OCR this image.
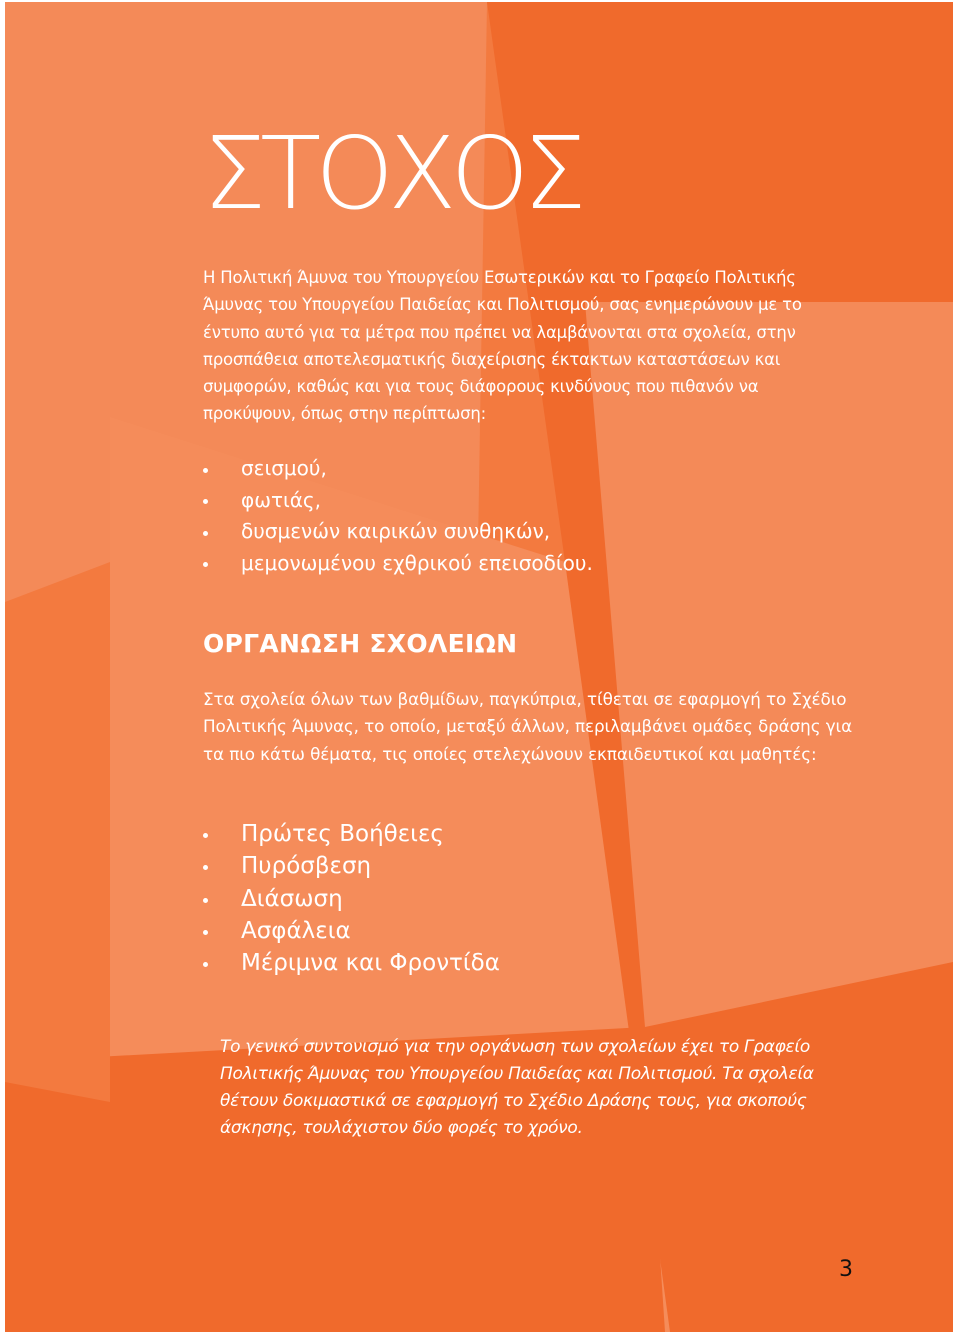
ΣΤΟΧΟΣ

Η Πολιτική Άμυνα του Υπουργείου Εσωτερικών και το Γραφείο Πολιτικής Άμυνας του Υπουργείου Παιδείας και Πολιτισμού, σας ενημερώνουν με το έντυπο αυτό για τα μέτρα που πρέπει να λαμβάνονται στα σχολεία, στην προσπάθεια αποτελεσματικής διαχείρισης έκτακτων καταστάσεων και συμφορών, καθώς και για τους διάφορους κινδύνους που πιθανόν να προκύψουν, όπως στην περίπτωση:

σεισμού,
φωτιάς,
δυσμενών καιρικών συνθηκών,
μεμονωμένου εχθρικού επεισοδίου.
ΟΡΓΑΝΩΣΗ ΣΧΟΛΕΙΩΝ

Στα σχολεία όλων των βαθμίδων, παγκύπρια, τίθεται σε εφαρμογή το Σχέδιο Πολιτικής Άμυνας, το οποίο, μεταξύ άλλων, περιλαμβάνει ομάδες δράσης για τα πιο κάτω θέματα, τις οποίες στελεχώνουν εκπαιδευτικοί και μαθητές:

Πρώτες Βοήθειες
Πυρόσβεση
Διάσωση
Ασφάλεια
Μέριμνα και Φροντίδα

Το γενικό συντονισμό για την οργάνωση των σχολείων έχει το Γραφείο Πολιτικής Άμυνας του Υπουργείου Παιδείας και Πολιτισμού. Τα σχολεία θέτουν δοκιμαστικά σε εφαρμογή το Σχέδιο Δράσης τους, για σκοπούς άσκησης, τουλάχιστον δύο φορές το χρόνο.

3
